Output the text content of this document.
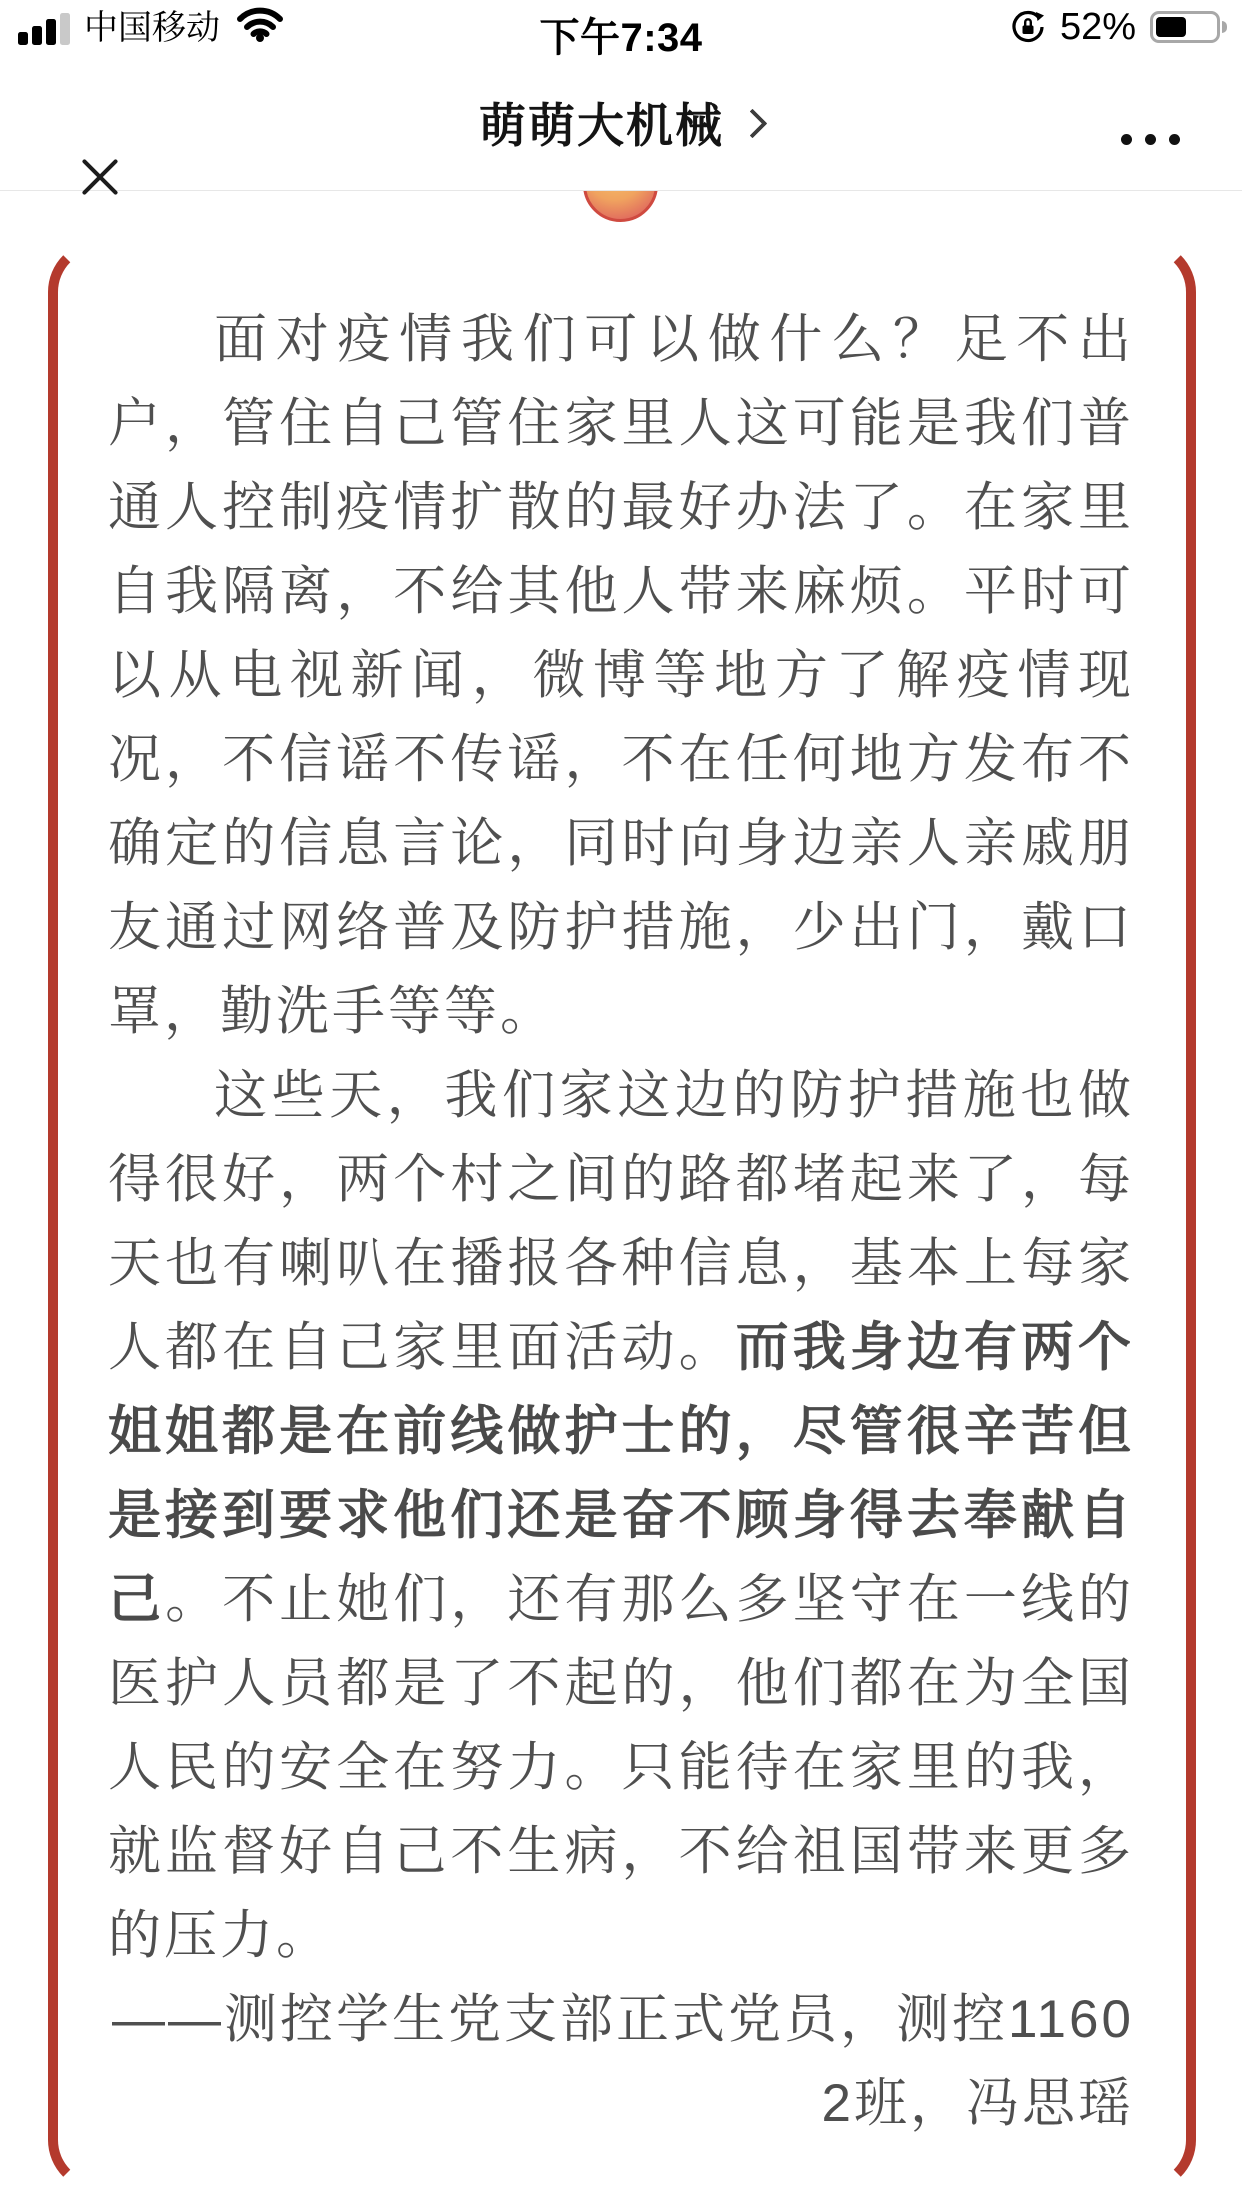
中国移动	下午7:34	52%
萌萌大机械

面对疫情我们可以做什么？足不出户，管住自己管住家里人这可能是我们普通人控制疫情扩散的最好办法了。在家里自我隔离，不给其他人带来麻烦。平时可以从电视新闻，微博等地方了解疫情现况，不信谣不传谣，不在任何地方发布不确定的信息言论，同时向身边亲人亲戚朋友通过网络普及防护措施，少出门，戴口罩，勤洗手等等。

这些天，我们家这边的防护措施也做得很好，两个村之间的路都堵起来了，每天也有喇叭在播报各种信息，基本上每家人都在自己家里面活动。而我身边有两个姐姐都是在前线做护士的，尽管很辛苦但是接到要求他们还是奋不顾身得去奉献自己。不止她们，还有那么多坚守在一线的医护人员都是了不起的，他们都在为全国人民的安全在努力。只能待在家里的我，就监督好自己不生病，不给祖国带来更多的压力。

——测控学生党支部正式党员，测控11602班，冯思瑶
